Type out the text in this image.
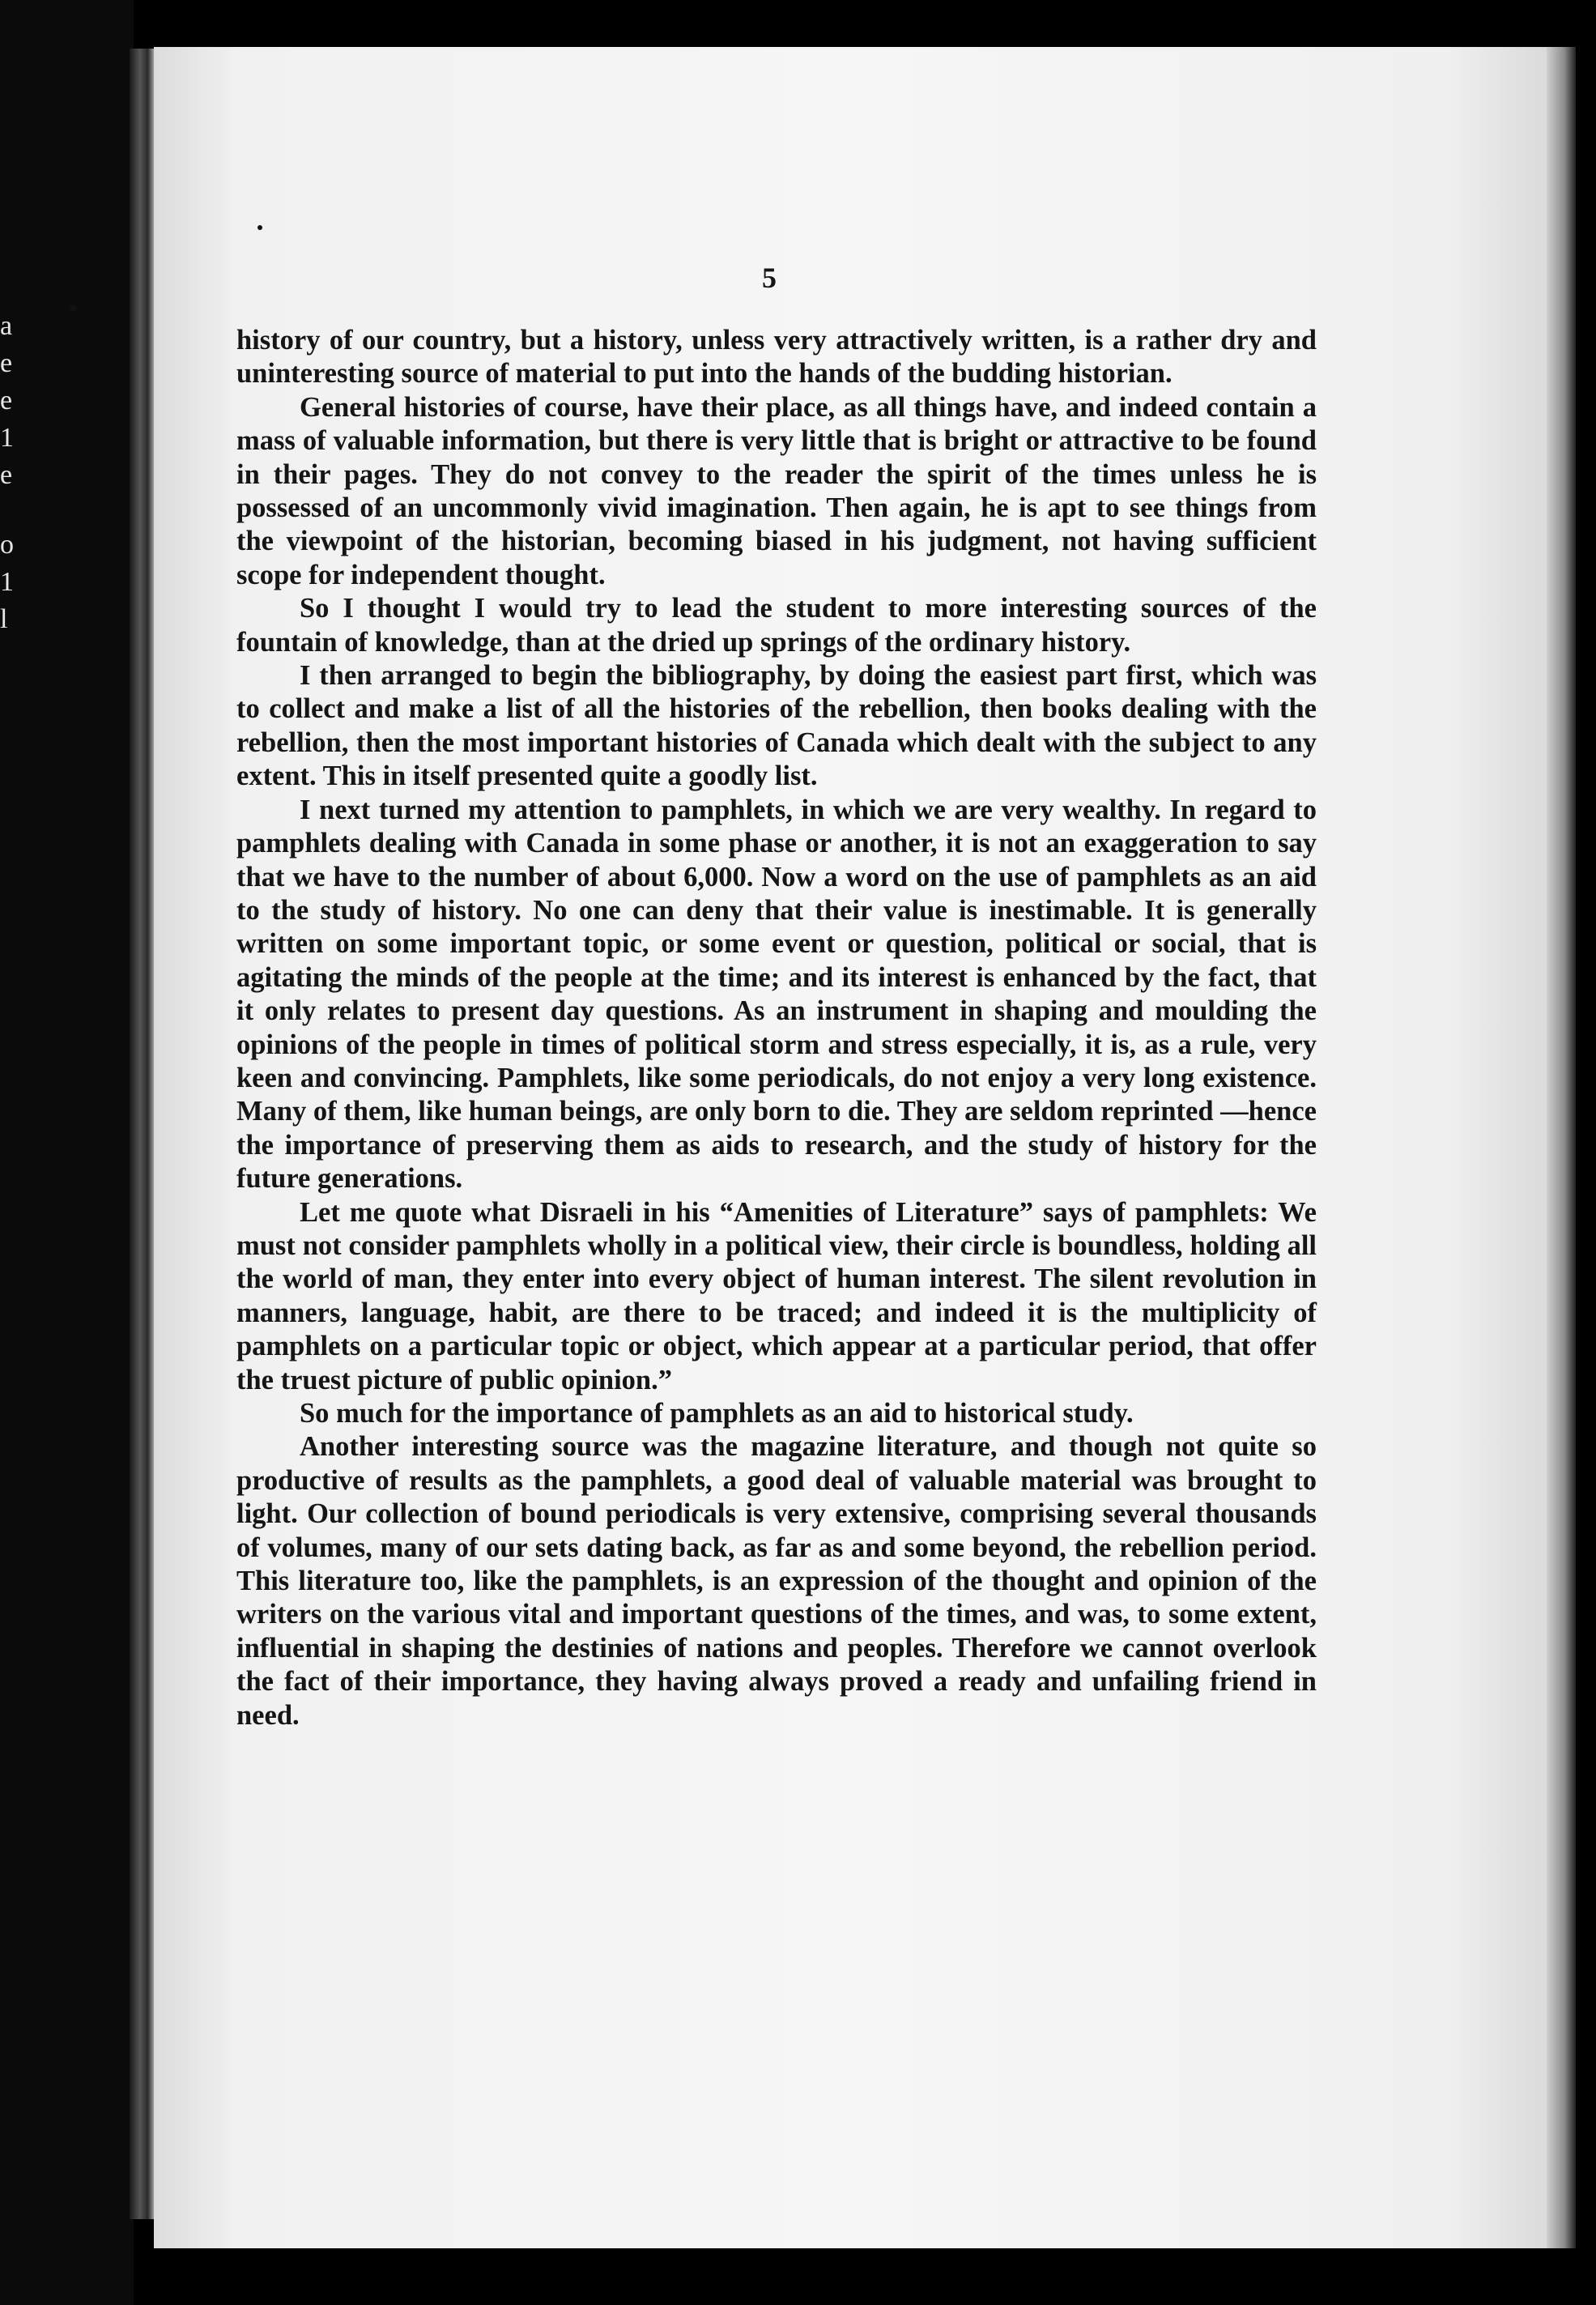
a
e
e
1
e
o
1
l
5

history of our country, but a history, unless very attractively written, is a rather dry and uninteresting source of material to put into the hands of the budding historian.

General histories of course, have their place, as all things have, and indeed contain a mass of valuable information, but there is very little that is bright or attractive to be found in their pages. They do not convey to the reader the spirit of the times unless he is possessed of an uncommonly vivid imagination. Then again, he is apt to see things from the viewpoint of the historian, becoming biased in his judgment, not having sufficient scope for independent thought.

So I thought I would try to lead the student to more interesting sources of the fountain of knowledge, than at the dried up springs of the ordinary history.

I then arranged to begin the bibliography, by doing the easiest part first, which was to collect and make a list of all the histories of the rebellion, then books dealing with the rebellion, then the most important histories of Canada which dealt with the subject to any extent. This in itself presented quite a goodly list.

I next turned my attention to pamphlets, in which we are very wealthy. In regard to pamphlets dealing with Canada in some phase or another, it is not an exaggeration to say that we have to the number of about 6,000. Now a word on the use of pamphlets as an aid to the study of history. No one can deny that their value is inestimable. It is generally written on some important topic, or some event or question, political or social, that is agitating the minds of the people at the time; and its interest is enhanced by the fact, that it only relates to present day questions. As an instrument in shaping and moulding the opinions of the people in times of political storm and stress especially, it is, as a rule, very keen and convincing. Pamphlets, like some periodicals, do not enjoy a very long existence. Many of them, like human beings, are only born to die. They are seldom reprinted —hence the importance of preserving them as aids to research, and the study of history for the future generations.

Let me quote what Disraeli in his “Amenities of Literature” says of pamphlets: We must not consider pamphlets wholly in a political view, their circle is boundless, holding all the world of man, they enter into every object of human interest. The silent revolution in manners, language, habit, are there to be traced; and indeed it is the multiplicity of pamphlets on a particular topic or object, which appear at a particular period, that offer the truest picture of public opinion.”

So much for the importance of pamphlets as an aid to historical study.

Another interesting source was the magazine literature, and though not quite so productive of results as the pamphlets, a good deal of valuable material was brought to light. Our collection of bound periodicals is very extensive, comprising several thousands of volumes, many of our sets dating back, as far as and some beyond, the rebellion period. This literature too, like the pamphlets, is an expression of the thought and opinion of the writers on the various vital and important questions of the times, and was, to some extent, influential in shaping the destinies of nations and peoples. Therefore we cannot overlook the fact of their importance, they having always proved a ready and unfailing friend in need.
